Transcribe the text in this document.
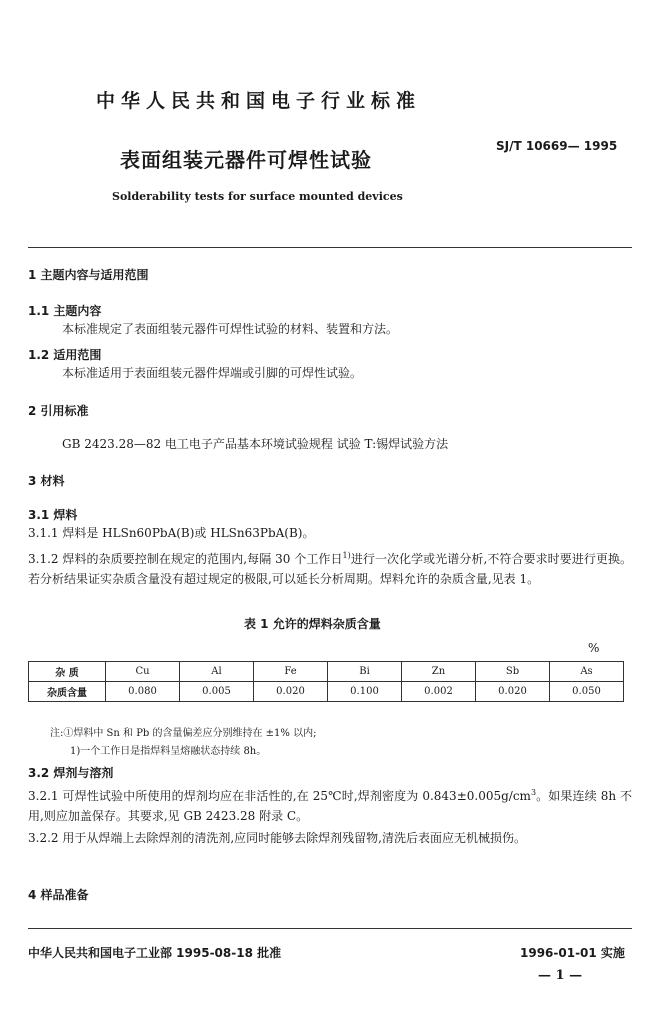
中华人民共和国电子行业标准
表面组装元器件可焊性试验
SJ/T 10669— 1995
Solderability tests for surface mounted devices
1 主题内容与适用范围
1.1 主题内容
本标准规定了表面组装元器件可焊性试验的材料、装置和方法。
1.2 适用范围
本标准适用于表面组装元器件焊端或引脚的可焊性试验。
2 引用标准
GB 2423.28—82 电工电子产品基本环境试验规程 试验 T:锡焊试验方法
3 材料
3.1 焊料
3.1.1 焊料是 HLSn60PbA(B)或 HLSn63PbA(B)。
3.1.2 焊料的杂质要控制在规定的范围内,每隔 30 个工作日$^{1)}$进行一次化学或光谱分析,不符合要求时要进行更换。若分析结果证实杂质含量没有超过规定的极限,可以延长分析周期。焊料允许的杂质含量,见表 1。
表 1 允许的焊料杂质含量
%
杂 质	Cu	Al	Fe	Bi	Zn	Sb	As
杂质含量	0.080	0.005	0.020	0.100	0.002	0.020	0.050
注:①焊料中 Sn 和 Pb 的含量偏差应分别维持在 ±1% 以内;
1)一个工作日是指焊料呈熔融状态持续 8h。
3.2 焊剂与溶剂
3.2.1 可焊性试验中所使用的焊剂均应在非活性的,在 25℃时,焊剂密度为 $0.843\pm 0.005g/cm^3$。如果连续 8h 不用,则应加盖保存。其要求,见 GB 2423.28 附录 C。
3.2.2 用于从焊端上去除焊剂的清洗剂,应同时能够去除焊剂残留物,清洗后表面应无机械损伤。
4 样品准备
中华人民共和国电子工业部 1995-08-18 批准	1996-01-01 实施
— 1 —
